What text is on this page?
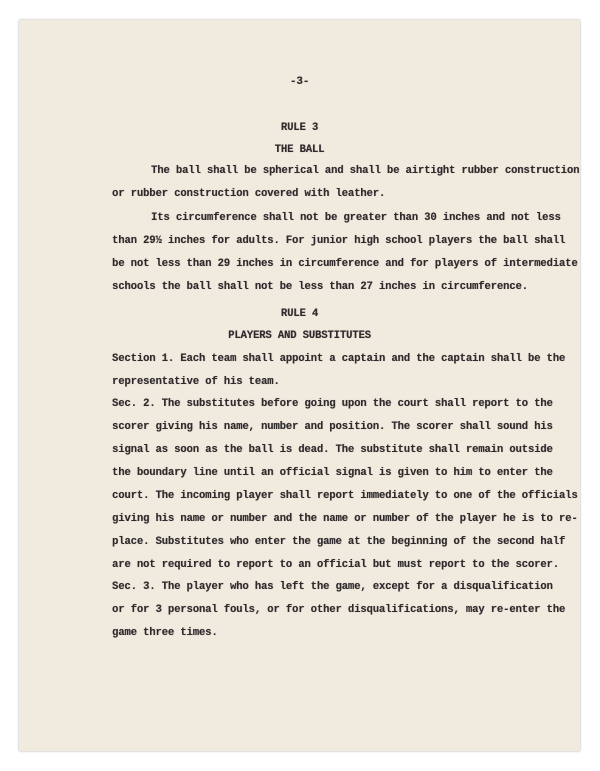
-3-
RULE 3
THE BALL
The ball shall be spherical and shall be airtight rubber construction
or rubber construction covered with leather.
Its circumference shall not be greater than 30 inches and not less
than 29½ inches for adults. For junior high school players the ball shall
be not less than 29 inches in circumference and for players of intermediate
schools the ball shall not be less than 27 inches in circumference.
RULE 4
PLAYERS AND SUBSTITUTES
Section 1. Each team shall appoint a captain and the captain shall be the
representative of his team.
Sec. 2. The substitutes before going upon the court shall report to the
scorer giving his name, number and position. The scorer shall sound his
signal as soon as the ball is dead. The substitute shall remain outside
the boundary line until an official signal is given to him to enter the
court. The incoming player shall report immediately to one of the officials
giving his name or number and the name or number of the player he is to re-
place. Substitutes who enter the game at the beginning of the second half
are not required to report to an official but must report to the scorer.
Sec. 3. The player who has left the game, except for a disqualification
or for 3 personal fouls, or for other disqualifications, may re-enter the
game three times.
